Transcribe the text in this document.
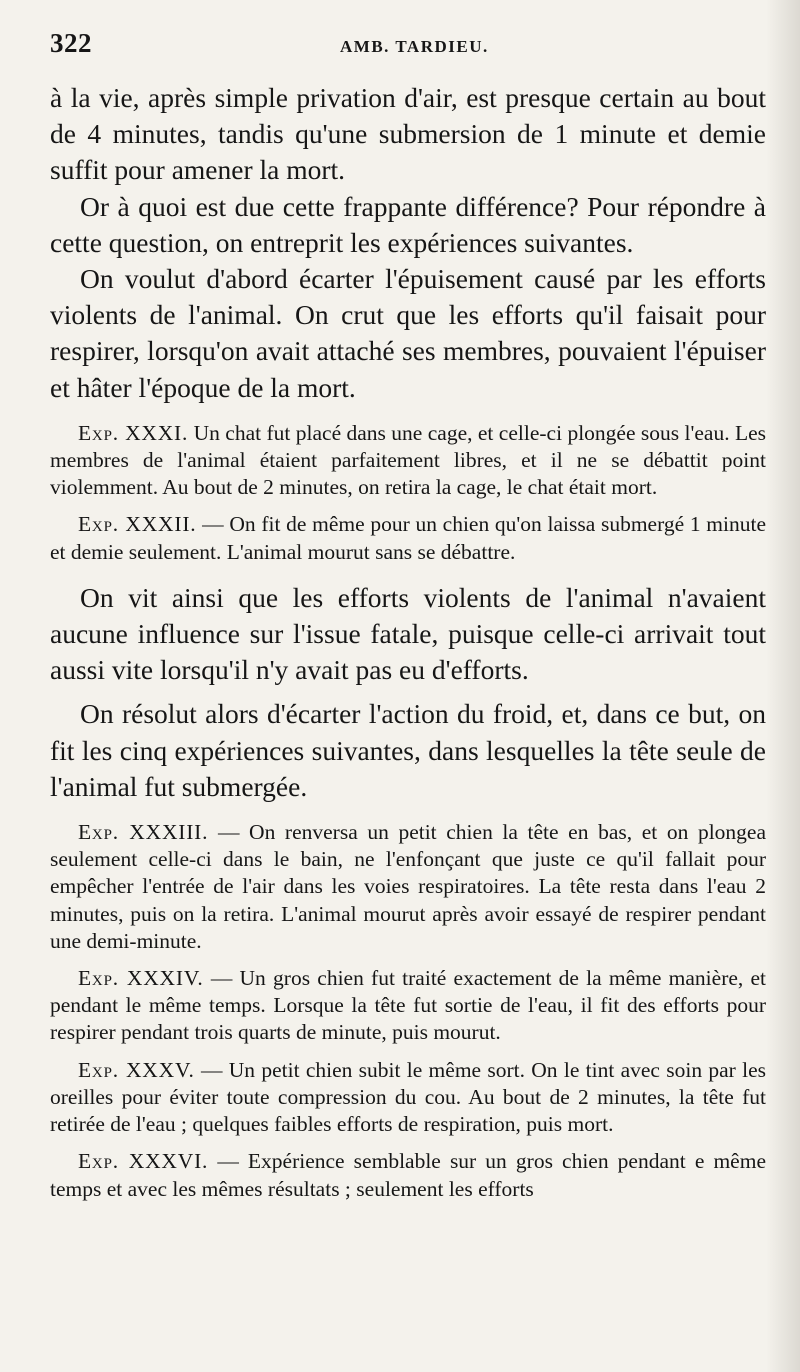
322	AMB. TARDIEU.

à la vie, après simple privation d'air, est presque certain au bout de 4 minutes, tandis qu'une submersion de 1 minute et demie suffit pour amener la mort.

Or à quoi est due cette frappante différence? Pour répondre à cette question, on entreprit les expériences suivantes.

On voulut d'abord écarter l'épuisement causé par les efforts violents de l'animal. On crut que les efforts qu'il faisait pour respirer, lorsqu'on avait attaché ses membres, pouvaient l'épuiser et hâter l'époque de la mort.

Exp. XXXI. Un chat fut placé dans une cage, et celle-ci plongée sous l'eau. Les membres de l'animal étaient parfaitement libres, et il ne se débattit point violemment. Au bout de 2 minutes, on retira la cage, le chat était mort.

Exp. XXXII. — On fit de même pour un chien qu'on laissa submergé 1 minute et demie seulement. L'animal mourut sans se débattre.

On vit ainsi que les efforts violents de l'animal n'avaient aucune influence sur l'issue fatale, puisque celle-ci arrivait tout aussi vite lorsqu'il n'y avait pas eu d'efforts.

On résolut alors d'écarter l'action du froid, et, dans ce but, on fit les cinq expériences suivantes, dans lesquelles la tête seule de l'animal fut submergée.

Exp. XXXIII. — On renversa un petit chien la tête en bas, et on plongea seulement celle-ci dans le bain, ne l'enfonçant que juste ce qu'il fallait pour empêcher l'entrée de l'air dans les voies respiratoires. La tête resta dans l'eau 2 minutes, puis on la retira. L'animal mourut après avoir essayé de respirer pendant une demi-minute.

Exp. XXXIV. — Un gros chien fut traité exactement de la même manière, et pendant le même temps. Lorsque la tête fut sortie de l'eau, il fit des efforts pour respirer pendant trois quarts de minute, puis mourut.

Exp. XXXV. — Un petit chien subit le même sort. On le tint avec soin par les oreilles pour éviter toute compression du cou. Au bout de 2 minutes, la tête fut retirée de l'eau ; quelques faibles efforts de respiration, puis mort.

Exp. XXXVI. — Expérience semblable sur un gros chien pendant e même temps et avec les mêmes résultats ; seulement les efforts
